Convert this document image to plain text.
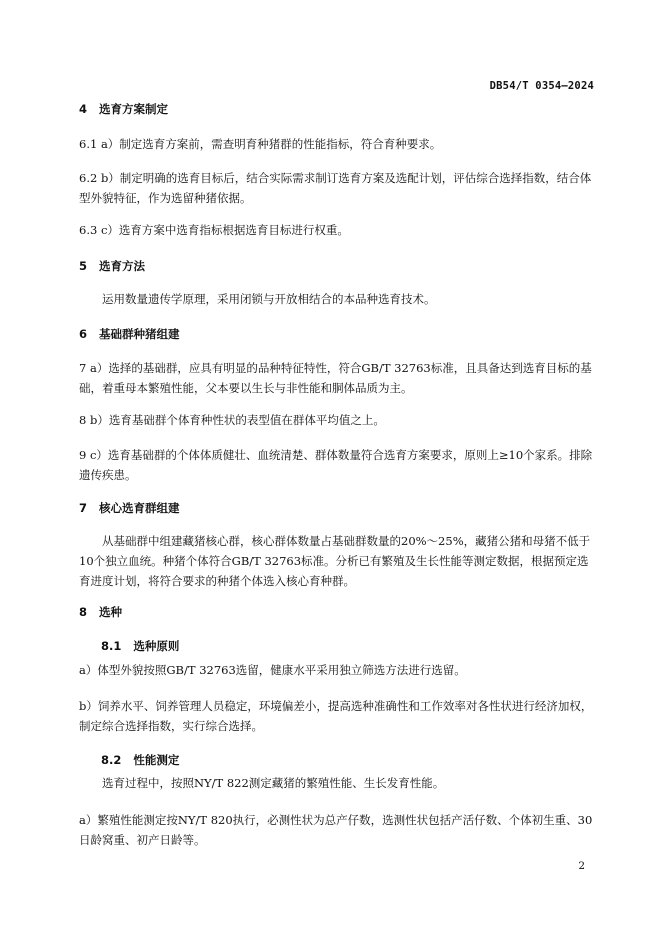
DB54/T 0354—2024
4 选育方案制定
6.1 a）制定选育方案前，需查明育种猪群的性能指标，符合育种要求。
6.2 b）制定明确的选育目标后，结合实际需求制订选育方案及选配计划，评估综合选择指数，结合体型外貌特征，作为选留种猪依据。
6.3 c）选育方案中选育指标根据选育目标进行权重。
5 选育方法
运用数量遗传学原理，采用闭锁与开放相结合的本品种选育技术。
6 基础群种猪组建
7 a）选择的基础群，应具有明显的品种特征特性，符合GB/T 32763标准，且具备达到选育目标的基础，着重母本繁殖性能，父本要以生长与非性能和胴体品质为主。
8 b）选育基础群个体育种性状的表型值在群体平均值之上。
9 c）选育基础群的个体体质健壮、血统清楚、群体数量符合选育方案要求，原则上≥10个家系。排除遗传疾患。
7 核心选育群组建
从基础群中组建藏猪核心群，核心群体数量占基础群数量的20%～25%，藏猪公猪和母猪不低于10个独立血统。种猪个体符合GB/T 32763标准。分析已有繁殖及生长性能等测定数据，根据预定选育进度计划，将符合要求的种猪个体选入核心育种群。
8 选种
8.1 选种原则
a）体型外貌按照GB/T 32763选留，健康水平采用独立筛选方法进行选留。
b）饲养水平、饲养管理人员稳定，环境偏差小，提高选种准确性和工作效率对各性状进行经济加权，制定综合选择指数，实行综合选择。
8.2 性能测定
选育过程中，按照NY/T 822测定藏猪的繁殖性能、生长发育性能。
a）繁殖性能测定按NY/T 820执行，必测性状为总产仔数，选测性状包括产活仔数、个体初生重、30日龄窝重、初产日龄等。
2
